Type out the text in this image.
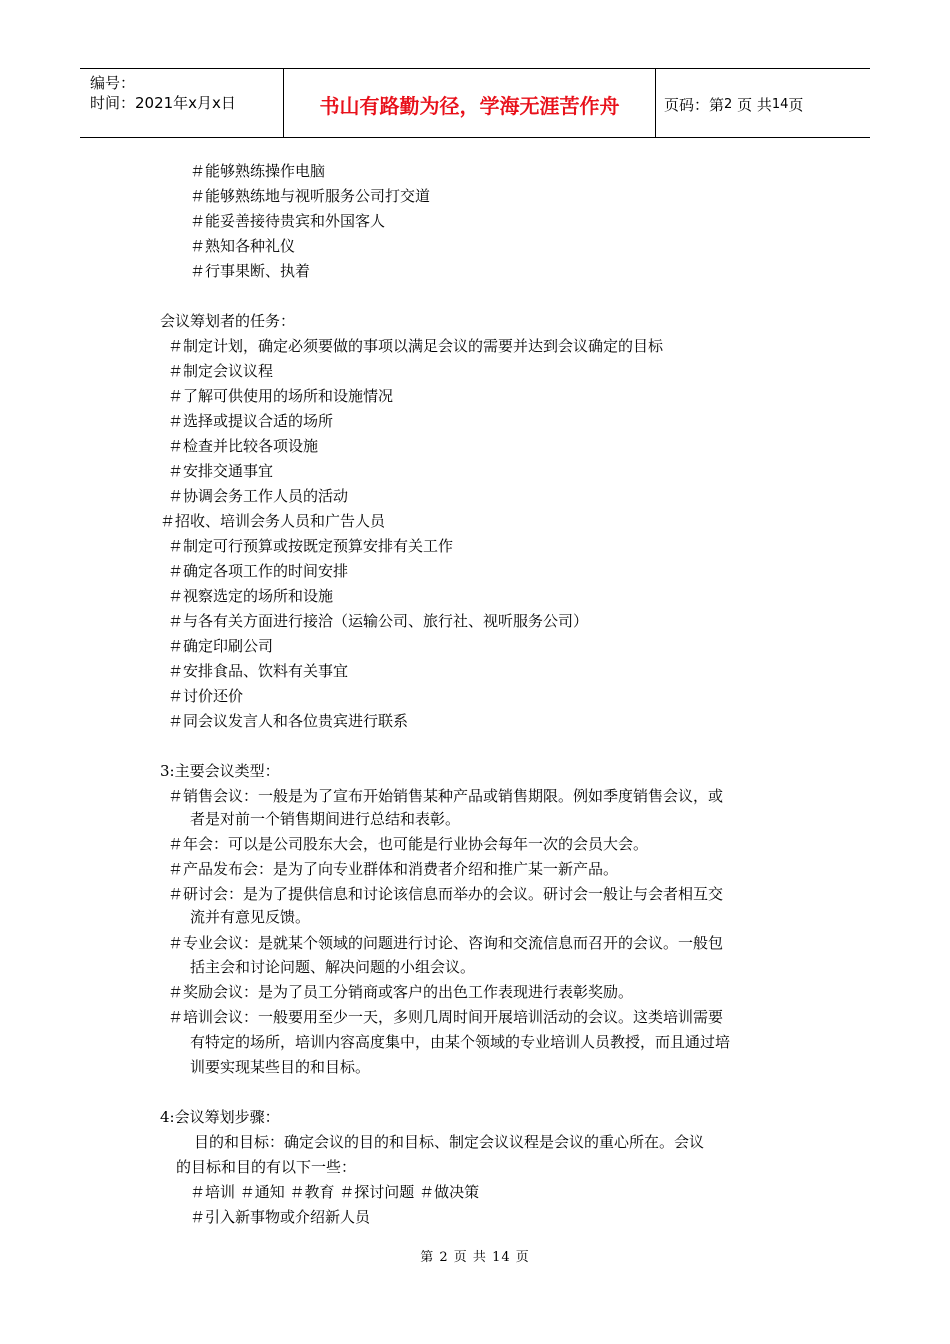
编号：
时间：2021年x月x日	书山有路勤为径，学海无涯苦作舟	页码：第 2
页 共 14 页
＃能够熟练操作电脑
＃能够熟练地与视听服务公司打交道
＃能妥善接待贵宾和外国客人
＃熟知各种礼仪
＃行事果断、执着
会议筹划者的任务：
＃制定计划，确定必须要做的事项以满足会议的需要并达到会议确定的目标
＃制定会议议程
＃了解可供使用的场所和设施情况
＃选择或提议合适的场所
＃检查并比较各项设施
＃安排交通事宜
＃协调会务工作人员的活动
＃招收、培训会务人员和广告人员
＃制定可行预算或按既定预算安排有关工作
＃确定各项工作的时间安排
＃视察选定的场所和设施
＃与各有关方面进行接洽（运输公司、旅行社、视听服务公司）
＃确定印刷公司
＃安排食品、饮料有关事宜
＃讨价还价
＃同会议发言人和各位贵宾进行联系
3:主要会议类型：
＃销售会议：一般是为了宣布开始销售某种产品或销售期限。例如季度销售会议，或
者是对前一个销售期间进行总结和表彰。
＃年会：可以是公司股东大会，也可能是行业协会每年一次的会员大会。
＃产品发布会：是为了向专业群体和消费者介绍和推广某一新产品。
＃研讨会：是为了提供信息和讨论该信息而举办的会议。研讨会一般让与会者相互交
流并有意见反馈。
＃专业会议：是就某个领域的问题进行讨论、咨询和交流信息而召开的会议。一般包
括主会和讨论问题、解决问题的小组会议。
＃奖励会议：是为了员工分销商或客户的出色工作表现进行表彰奖励。
＃培训会议：一般要用至少一天，多则几周时间开展培训活动的会议。这类培训需要
有特定的场所，培训内容高度集中，由某个领域的专业培训人员教授，而且通过培
训要实现某些目的和目标。
4:会议筹划步骤：
目的和目标：确定会议的目的和目标、制定会议议程是会议的重心所在。会议
的目标和目的有以下一些：
＃培训 ＃通知 ＃教育 ＃探讨问题 ＃做决策
＃引入新事物或介绍新人员
第 2 页 共 14 页
